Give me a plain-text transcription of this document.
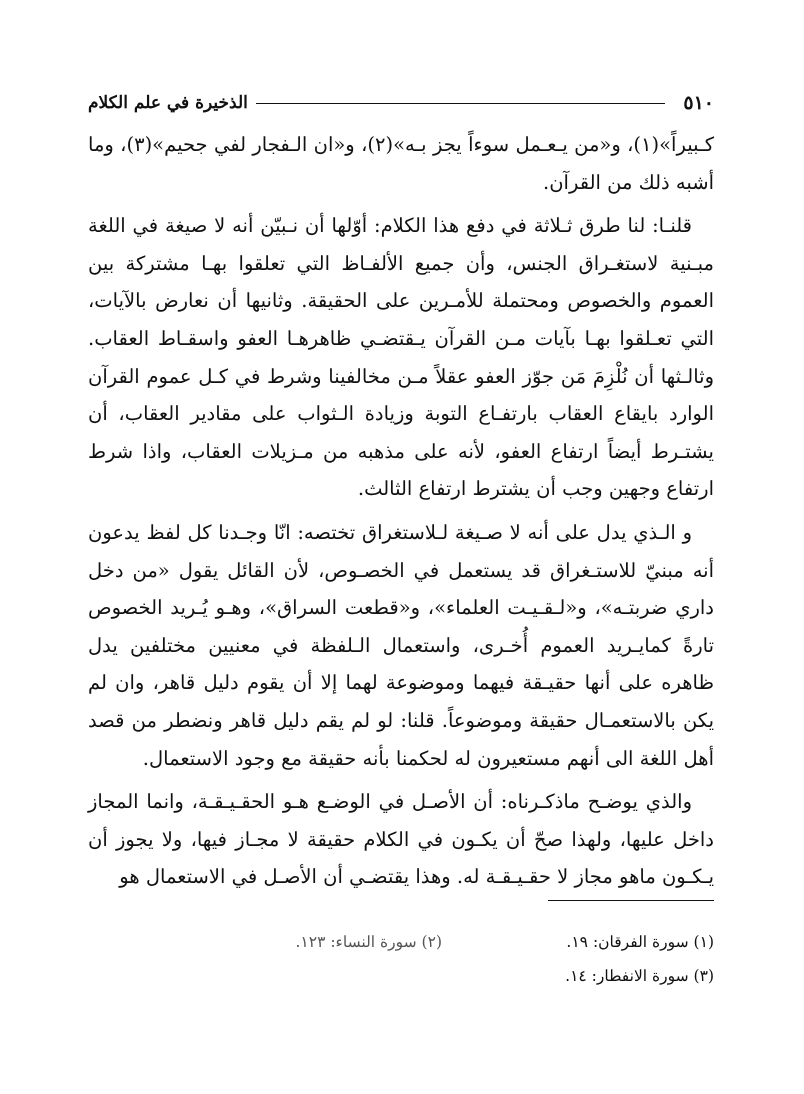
٥١٠
الذخيرة في علم الكلام

كـبيراً»(١)، و«من يـعـمل سوءاً يجز بـه»(٢)، و«ان الـفجار لفي جحيم»(٣)، وما أشبه ذلك من القرآن.

قلنـا: لنا طرق ثـلاثة في دفع هذا الكلام: أوّلها أن نـبيّن أنه لا صيغة في اللغة مبـنية لاستغـراق الجنس، وأن جميع الألفـاظ التي تعلقوا بهـا مشتركة بين العموم والخصوص ومحتملة للأمـرين على الحقيقة. وثانيها أن نعارض بالآيات، التي تعـلقوا بهـا بآيات مـن القرآن يـقتضـي ظاهرهـا العفو واسقـاط العقاب. وثالـثها أن نُلْزِمَ مَن جوّز العفو عقلاً مـن مخالفينا وشرط في كـل عموم القرآن الوارد بايقاع العقاب بارتفـاع التوبة وزيادة الـثواب على مقادير العقاب، أن يشتـرط أيضاً ارتفاع العفو، لأنه على مذهبه من مـزيلات العقاب، واذا شرط ارتفاع وجهين وجب أن يشترط ارتفاع الثالث.

و الـذي يدل على أنه لا صـيغة لـلاستغراق تختصه: انّا وجـدنا كل لفظ يدعون أنه مبنيّ للاستـغراق قد يستعمل في الخصـوص، لأن القائل يقول «من دخل داري ضربتـه»، و«لـقـيـت العلماء»، و«قطعت السراق»، وهـو يُـريد الخصوص تارةً كمايـريد العموم أُخـرى، واستعمال الـلفظة في معنيين مختلفين يدل ظاهره على أنها حقيـقة فيهما وموضوعة لهما إلا أن يقوم دليل قاهر، وان لم يكن بالاستعمـال حقيقة وموضوعاً. قلنا: لو لم يقم دليل قاهر ونضطر من قصد أهل اللغة الى أنهم مستعيرون له لحكمنا بأنه حقيقة مع وجود الاستعمال.

والذي يوضـح ماذكـرناه: أن الأصـل في الوضـع هـو الحقـيـقـة، وانما المجاز داخل عليها، ولهذا صحّ أن يكـون في الكلام حقيقة لا مجـاز فيها، ولا يجوز أن يـكـون ماهو مجاز لا حقـيـقـة له. وهذا يقتضـي أن الأصـل في الاستعمال هو

(١) سورة الفرقان: ١٩.
(٢) سورة النساء: ١٢٣.
(٣) سورة الانفطار: ١٤.
